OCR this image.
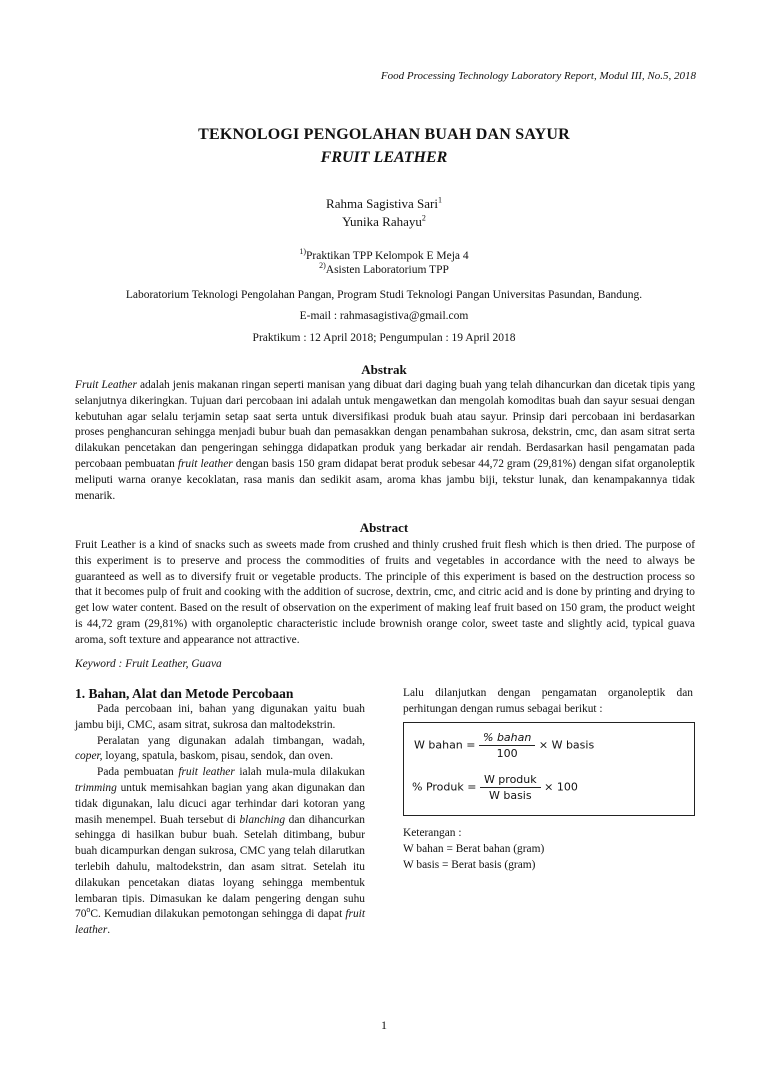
Food Processing Technology Laboratory Report, Modul III, No.5, 2018
TEKNOLOGI PENGOLAHAN BUAH DAN SAYUR
FRUIT LEATHER
Rahma Sagistiva Sari$^1$
Yunika Rahayu$^2$
$^{1)}$Praktikan TPP Kelompok E Meja 4
$^{2)}$Asisten Laboratorium TPP
Laboratorium Teknologi Pengolahan Pangan, Program Studi Teknologi Pangan Universitas Pasundan, Bandung.
E-mail : rahmasagistiva@gmail.com
Praktikum : 12 April 2018; Pengumpulan : 19 April 2018
Abstrak
Fruit Leather adalah jenis makanan ringan seperti manisan yang dibuat dari daging buah yang telah dihancurkan dan dicetak tipis yang selanjutnya dikeringkan. Tujuan dari percobaan ini adalah untuk mengawetkan dan mengolah komoditas buah dan sayur sesuai dengan kebutuhan agar selalu terjamin setap saat serta untuk diversifikasi produk buah atau sayur. Prinsip dari percobaan ini berdasarkan proses penghancuran sehingga menjadi bubur buah dan pemasakkan dengan penambahan sukrosa, dekstrin, cmc, dan asam sitrat serta dilakukan pencetakan dan pengeringan sehingga didapatkan produk yang berkadar air rendah. Berdasarkan hasil pengamatan pada percobaan pembuatan fruit leather dengan basis 150 gram didapat berat produk sebesar 44,72 gram (29,81%) dengan sifat organoleptik meliputi warna oranye kecoklatan, rasa manis dan sedikit asam, aroma khas jambu biji, tekstur lunak, dan kenampakannya tidak menarik.
Abstract
Fruit Leather is a kind of snacks such as sweets made from crushed and thinly crushed fruit flesh which is then dried. The purpose of this experiment is to preserve and process the commodities of fruits and vegetables in accordance with the need to always be guaranteed as well as to diversify fruit or vegetable products. The principle of this experiment is based on the destruction process so that it becomes pulp of fruit and cooking with the addition of sucrose, dextrin, cmc, and citric acid and is done by printing and drying to get low water content. Based on the result of observation on the experiment of making leaf fruit based on 150 gram, the product weight is 44,72 gram (29,81%) with organoleptic characteristic include brownish orange color, sweet taste and slightly acid, typical guava aroma, soft texture and appearance not attractive.
Keyword : Fruit Leather, Guava
1. Bahan, Alat dan Metode Percobaan

Pada percobaan ini, bahan yang digunakan yaitu buah jambu biji, CMC, asam sitrat, sukrosa dan maltodekstrin.

Peralatan yang digunakan adalah timbangan, wadah, coper, loyang, spatula, baskom, pisau, sendok, dan oven.

Pada pembuatan fruit leather ialah mula-mula dilakukan trimming untuk memisahkan bagian yang akan digunakan dan tidak digunakan, lalu dicuci agar terhindar dari kotoran yang masih menempel. Buah tersebut di blanching dan dihancurkan sehingga di hasilkan bubur buah. Setelah ditimbang, bubur buah dicampurkan dengan sukrosa, CMC yang telah dilarutkan terlebih dahulu, maltodekstrin, dan asam sitrat. Setelah itu dilakukan pencetakan diatas loyang sehingga membentuk lembaran tipis. Dimasukan ke dalam pengering dengan suhu 70$^o$C. Kemudian dilakukan pemotongan sehingga di dapat fruit leather.

Lalu dilanjutkan dengan pengamatan organoleptik dan perhitungan dengan rumus sebagai berikut :
W bahan = $\frac{\text{\% bahan}}{100} \times W$ basis
% Produk = $\frac{\text{W produk}}{\text{W basis}} \times 100$
Keterangan :
W bahan = Berat bahan (gram)
W basis = Berat basis (gram)
1
